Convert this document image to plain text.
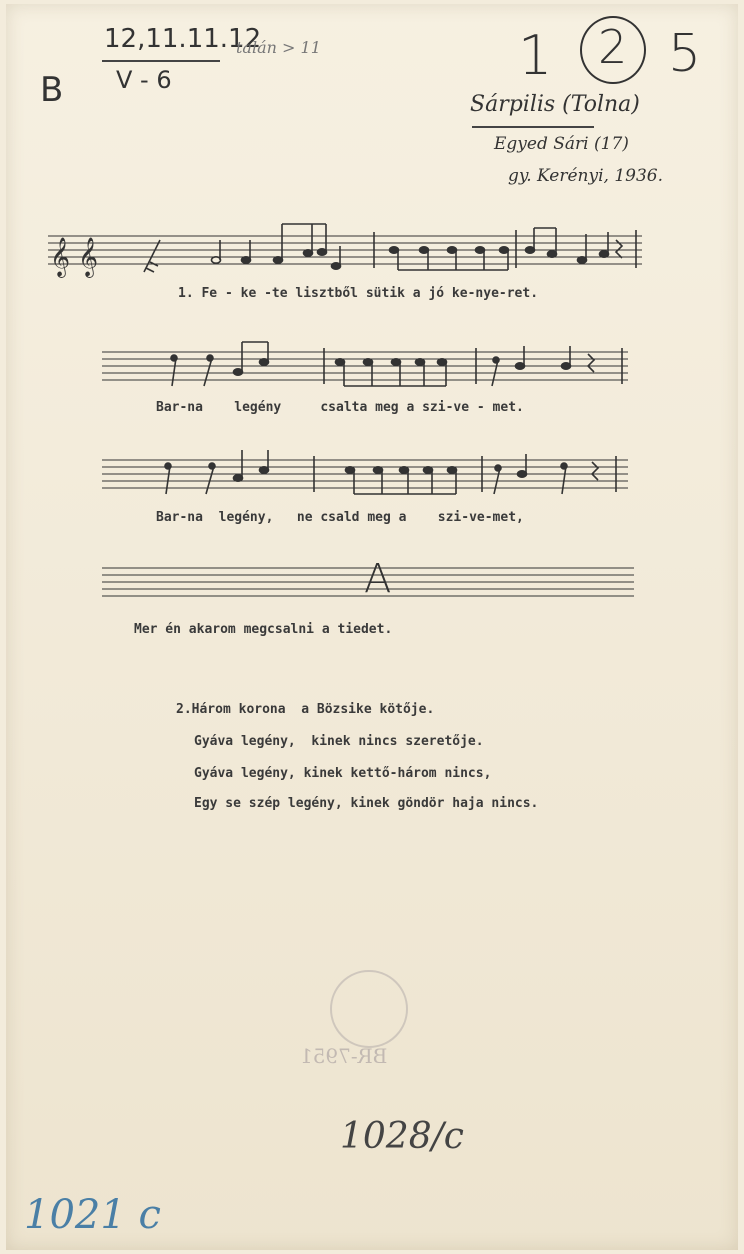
12,11.11.12
talán > 11
V - 6
B
1 2 5
Sárpilis (Tolna)
Egyed Sári (17)
gy. Kerényi, 1936.
𝄞 𝄞
1. Fe - ke -te lisztből sütik a jó ke-nye-ret.
Bar-na    legény     csalta meg a szi-ve - met.
Bar-na  legény,   ne csald meg a    szi-ve-met,
A
Mer én akarom megcsalni a tiedet.
2.Három korona  a Bözsike kötője.
Gyáva legény,  kinek nincs szeretője.
Gyáva legény, kinek kettő-három nincs,
Egy se szép legény, kinek göndör haja nincs.
BR-7951
1028/c
1021 c
